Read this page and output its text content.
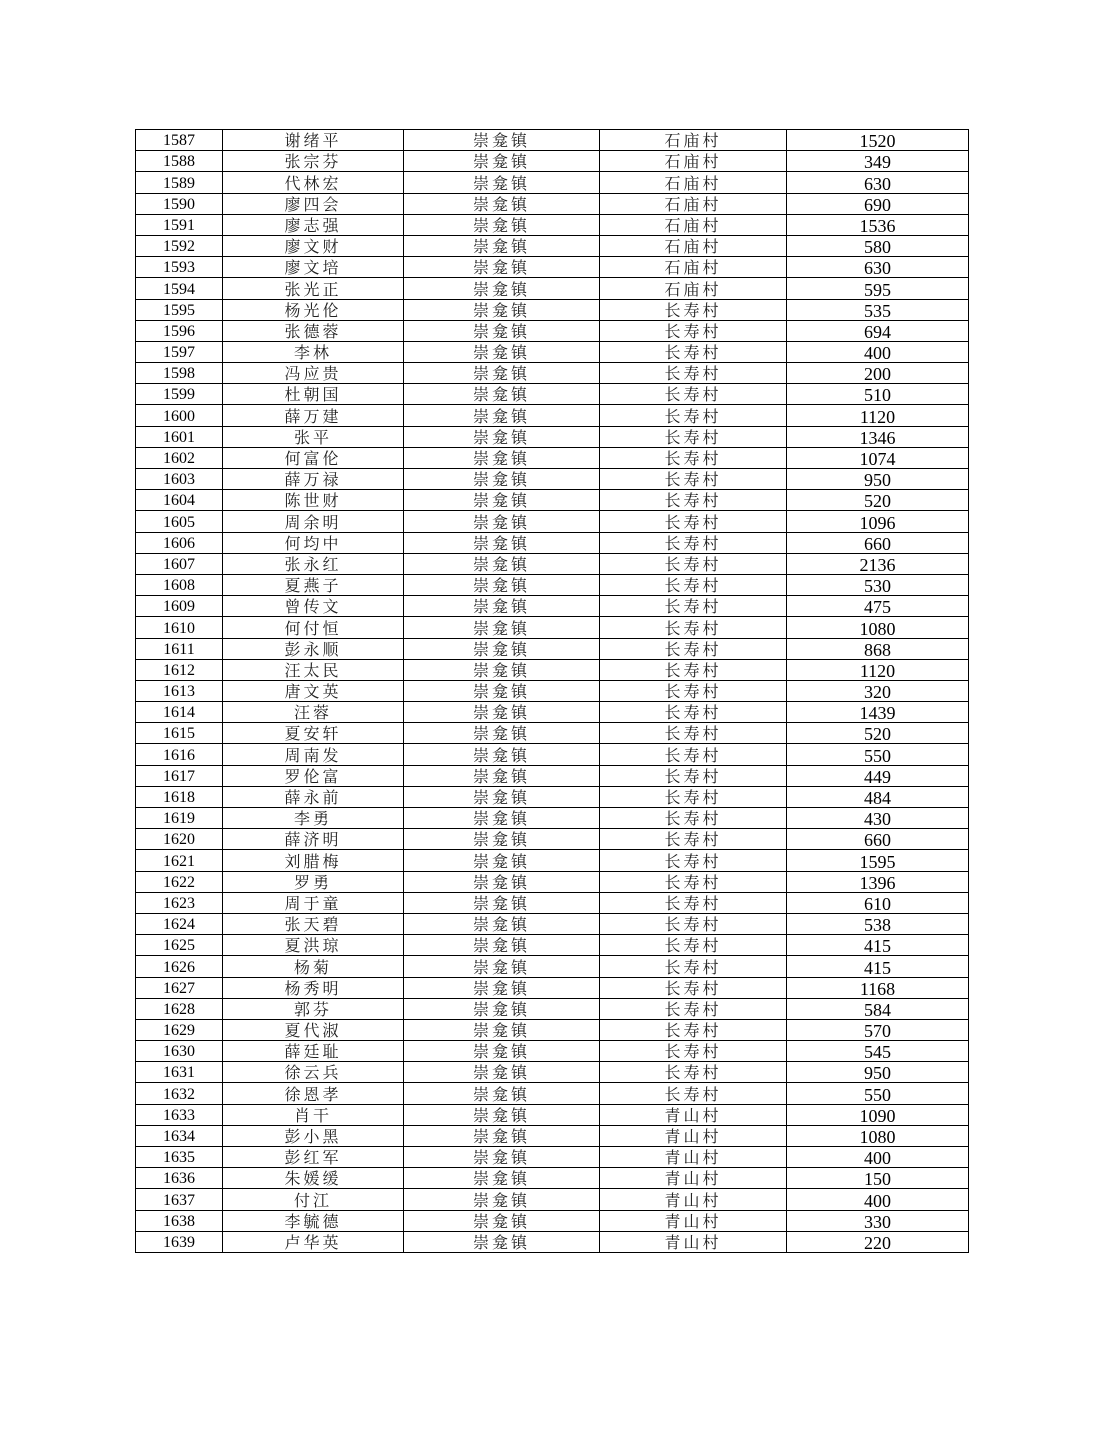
1587	谢绪平	崇龛镇	石庙村	1520
1588	张宗芬	崇龛镇	石庙村	349
1589	代林宏	崇龛镇	石庙村	630
1590	廖四会	崇龛镇	石庙村	690
1591	廖志强	崇龛镇	石庙村	1536
1592	廖文财	崇龛镇	石庙村	580
1593	廖文培	崇龛镇	石庙村	630
1594	张光正	崇龛镇	石庙村	595
1595	杨光伦	崇龛镇	长寿村	535
1596	张德蓉	崇龛镇	长寿村	694
1597	李林	崇龛镇	长寿村	400
1598	冯应贵	崇龛镇	长寿村	200
1599	杜朝国	崇龛镇	长寿村	510
1600	薛万建	崇龛镇	长寿村	1120
1601	张平	崇龛镇	长寿村	1346
1602	何富伦	崇龛镇	长寿村	1074
1603	薛万禄	崇龛镇	长寿村	950
1604	陈世财	崇龛镇	长寿村	520
1605	周余明	崇龛镇	长寿村	1096
1606	何均中	崇龛镇	长寿村	660
1607	张永红	崇龛镇	长寿村	2136
1608	夏燕子	崇龛镇	长寿村	530
1609	曾传文	崇龛镇	长寿村	475
1610	何付恒	崇龛镇	长寿村	1080
1611	彭永顺	崇龛镇	长寿村	868
1612	汪太民	崇龛镇	长寿村	1120
1613	唐文英	崇龛镇	长寿村	320
1614	汪蓉	崇龛镇	长寿村	1439
1615	夏安轩	崇龛镇	长寿村	520
1616	周南发	崇龛镇	长寿村	550
1617	罗伦富	崇龛镇	长寿村	449
1618	薛永前	崇龛镇	长寿村	484
1619	李勇	崇龛镇	长寿村	430
1620	薛济明	崇龛镇	长寿村	660
1621	刘腊梅	崇龛镇	长寿村	1595
1622	罗勇	崇龛镇	长寿村	1396
1623	周于童	崇龛镇	长寿村	610
1624	张天碧	崇龛镇	长寿村	538
1625	夏洪琼	崇龛镇	长寿村	415
1626	杨菊	崇龛镇	长寿村	415
1627	杨秀明	崇龛镇	长寿村	1168
1628	郭芬	崇龛镇	长寿村	584
1629	夏代淑	崇龛镇	长寿村	570
1630	薛廷耻	崇龛镇	长寿村	545
1631	徐云兵	崇龛镇	长寿村	950
1632	徐恩孝	崇龛镇	长寿村	550
1633	肖干	崇龛镇	青山村	1090
1634	彭小黑	崇龛镇	青山村	1080
1635	彭红军	崇龛镇	青山村	400
1636	朱媛缓	崇龛镇	青山村	150
1637	付江	崇龛镇	青山村	400
1638	李毓德	崇龛镇	青山村	330
1639	卢华英	崇龛镇	青山村	220
